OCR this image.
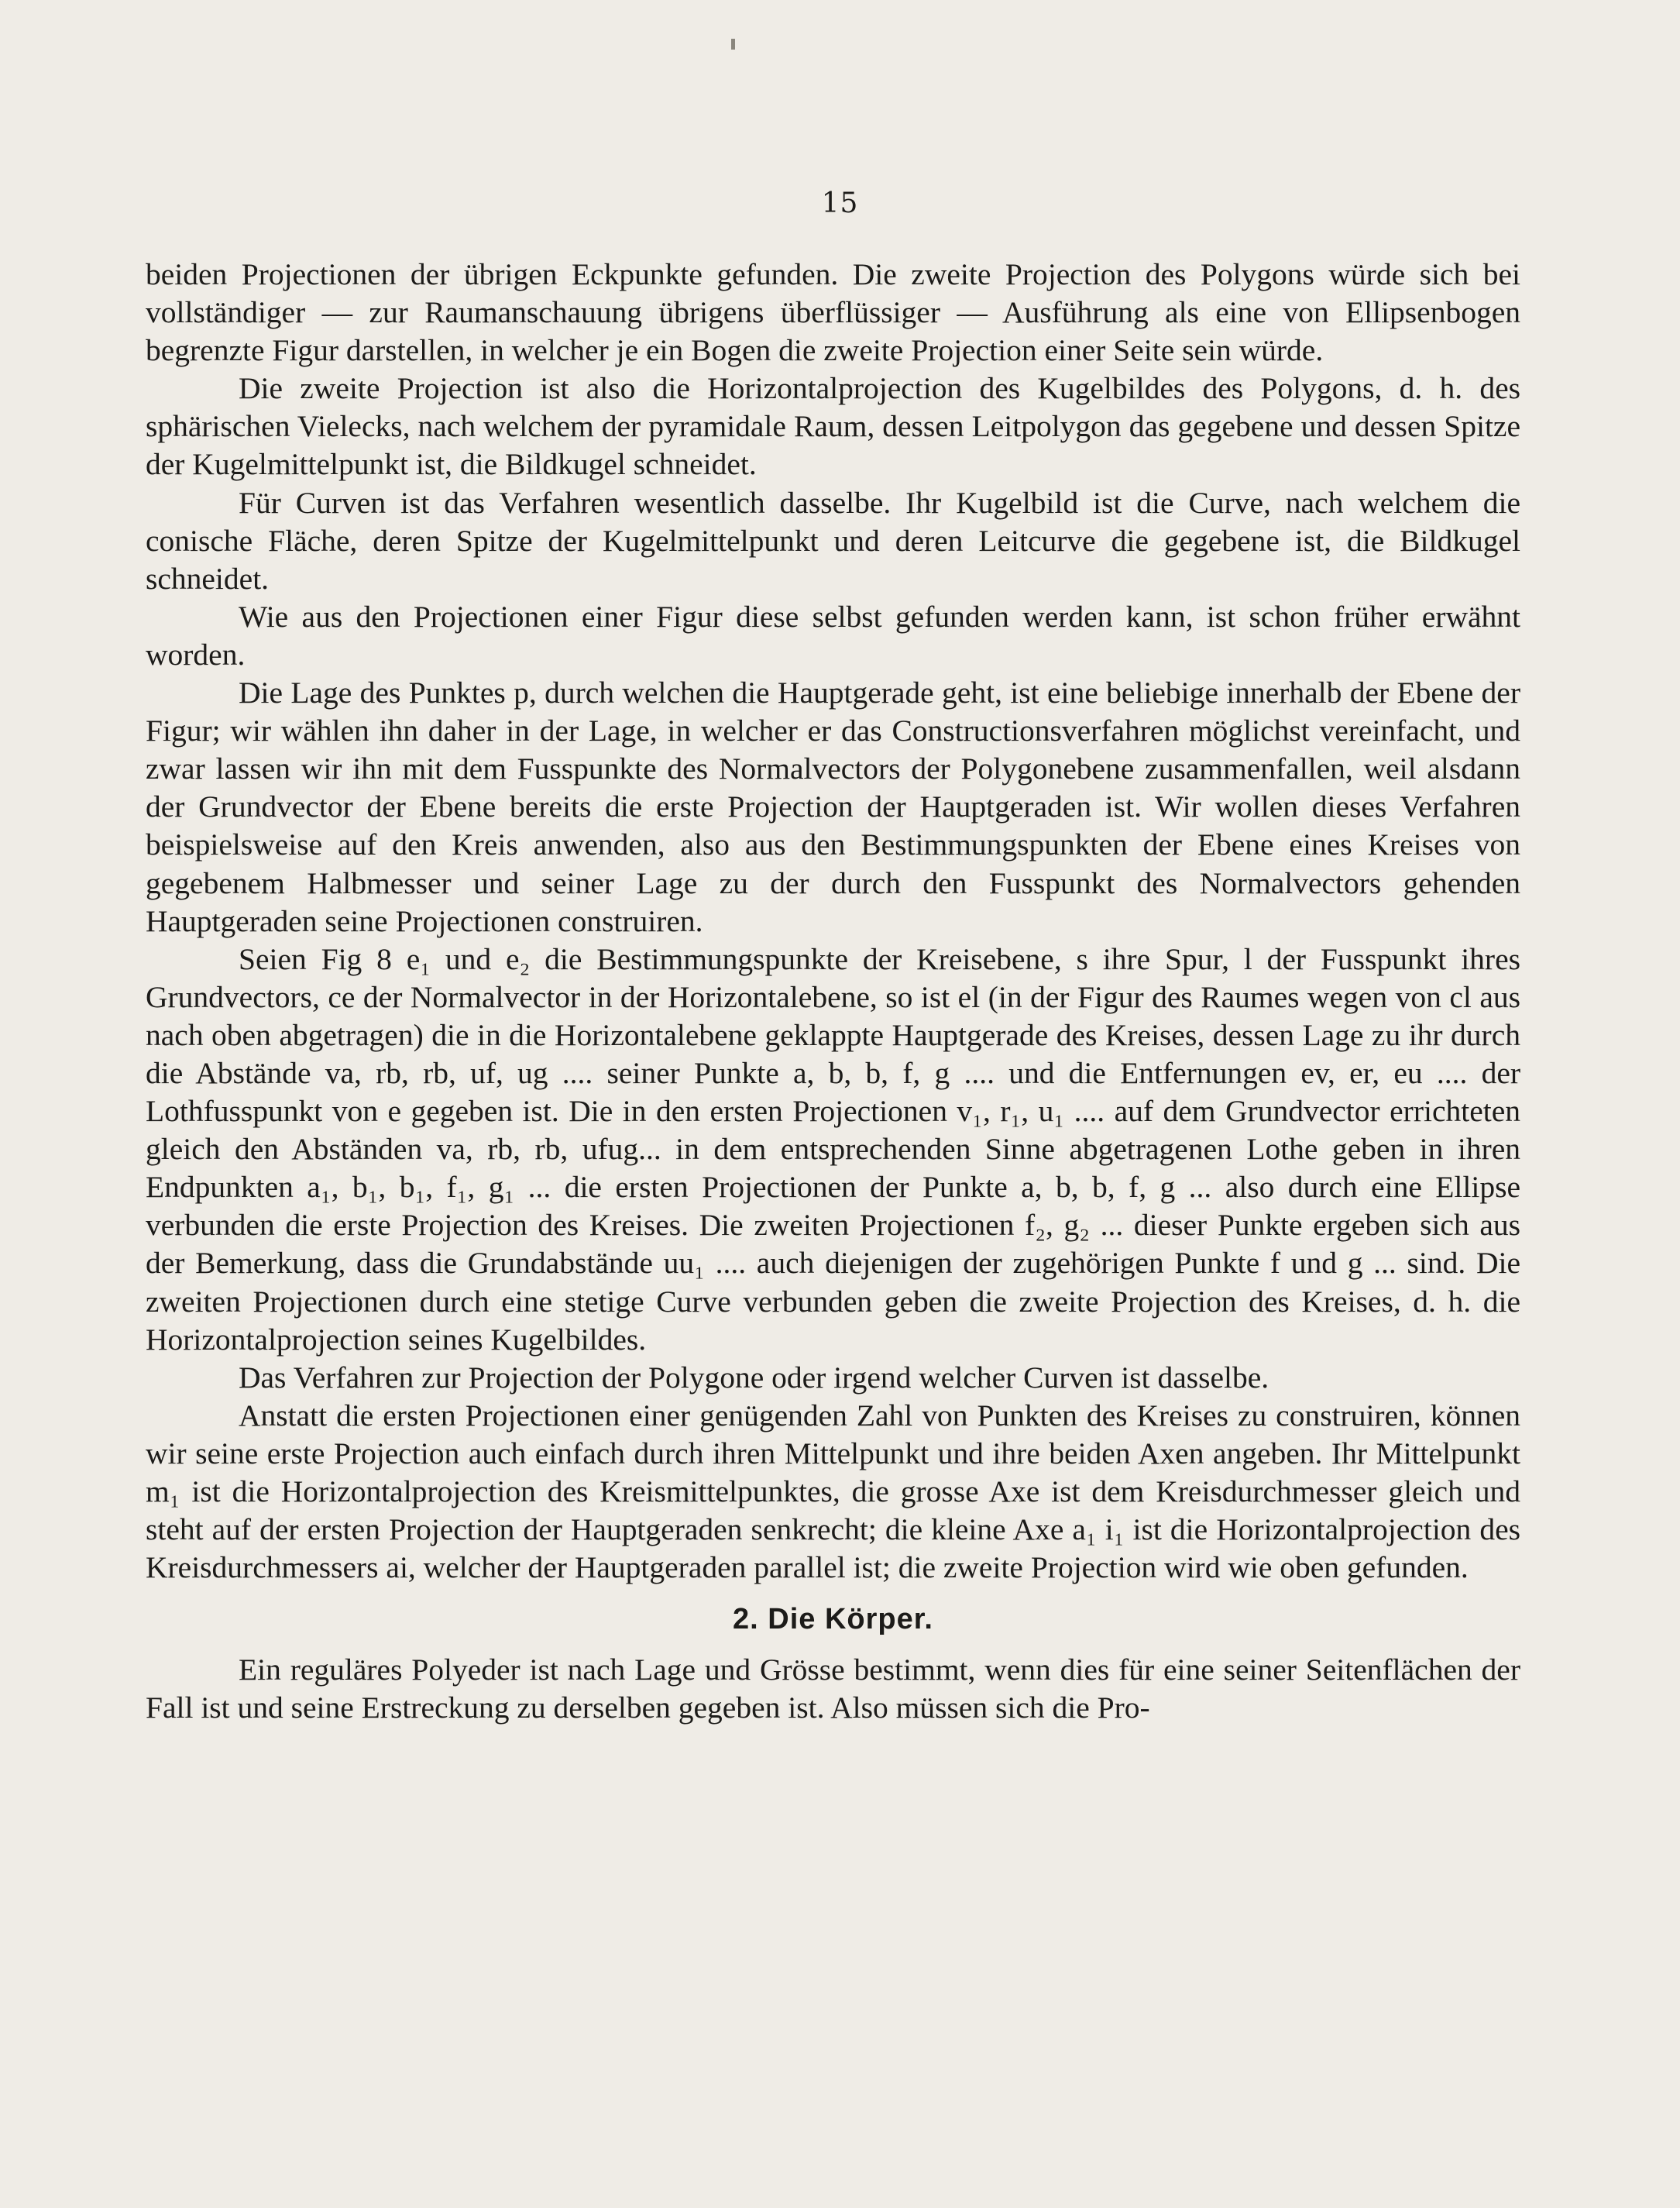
15

beiden Projectionen der übrigen Eckpunkte gefunden. Die zweite Projection des Polygons würde sich bei vollständiger — zur Raumanschauung übrigens überflüssiger — Ausführung als eine von Ellipsenbogen begrenzte Figur darstellen, in welcher je ein Bogen die zweite Projection einer Seite sein würde.

Die zweite Projection ist also die Horizontalprojection des Kugelbildes des Polygons, d. h. des sphärischen Vielecks, nach welchem der pyramidale Raum, dessen Leitpolygon das gegebene und dessen Spitze der Kugelmittelpunkt ist, die Bildkugel schneidet.

Für Curven ist das Verfahren wesentlich dasselbe. Ihr Kugelbild ist die Curve, nach welchem die conische Fläche, deren Spitze der Kugelmittelpunkt und deren Leitcurve die gegebene ist, die Bildkugel schneidet.

Wie aus den Projectionen einer Figur diese selbst gefunden werden kann, ist schon früher erwähnt worden.

Die Lage des Punktes p, durch welchen die Hauptgerade geht, ist eine beliebige innerhalb der Ebene der Figur; wir wählen ihn daher in der Lage, in welcher er das Constructionsverfahren möglichst vereinfacht, und zwar lassen wir ihn mit dem Fusspunkte des Normalvectors der Polygonebene zusammenfallen, weil alsdann der Grundvector der Ebene bereits die erste Projection der Hauptgeraden ist. Wir wollen dieses Verfahren beispielsweise auf den Kreis anwenden, also aus den Bestimmungspunkten der Ebene eines Kreises von gegebenem Halbmesser und seiner Lage zu der durch den Fusspunkt des Normalvectors gehenden Hauptgeraden seine Projectionen construiren.

Seien Fig 8 e₁ und e₂ die Bestimmungspunkte der Kreisebene, s ihre Spur, l der Fusspunkt ihres Grundvectors, ce der Normalvector in der Horizontalebene, so ist el (in der Figur des Raumes wegen von cl aus nach oben abgetragen) die in die Horizontalebene geklappte Hauptgerade des Kreises, dessen Lage zu ihr durch die Abstände va, rb, rb, uf, ug .... seiner Punkte a, b, b, f, g .... und die Entfernungen ev, er, eu .... der Lothfusspunkt von e gegeben ist. Die in den ersten Projectionen v₁, r₁, u₁ .... auf dem Grundvector errichteten gleich den Abständen va, rb, rb, ufug... in dem entsprechenden Sinne abgetragenen Lothe geben in ihren Endpunkten a₁, b₁, b₁, f₁, g₁ ... die ersten Projectionen der Punkte a, b, b, f, g ... also durch eine Ellipse verbunden die erste Projection des Kreises. Die zweiten Projectionen f₂, g₂ ... dieser Punkte ergeben sich aus der Bemerkung, dass die Grundabstände uu₁ .... auch diejenigen der zugehörigen Punkte f und g ... sind. Die zweiten Projectionen durch eine stetige Curve verbunden geben die zweite Projection des Kreises, d. h. die Horizontalprojection seines Kugelbildes.

Das Verfahren zur Projection der Polygone oder irgend welcher Curven ist dasselbe.

Anstatt die ersten Projectionen einer genügenden Zahl von Punkten des Kreises zu construiren, können wir seine erste Projection auch einfach durch ihren Mittelpunkt und ihre beiden Axen angeben. Ihr Mittelpunkt m₁ ist die Horizontalprojection des Kreismittelpunktes, die grosse Axe ist dem Kreisdurchmesser gleich und steht auf der ersten Projection der Hauptgeraden senkrecht; die kleine Axe a₁ i₁ ist die Horizontalprojection des Kreisdurchmessers ai, welcher der Hauptgeraden parallel ist; die zweite Projection wird wie oben gefunden.

2. Die Körper.

Ein reguläres Polyeder ist nach Lage und Grösse bestimmt, wenn dies für eine seiner Seitenflächen der Fall ist und seine Erstreckung zu derselben gegeben ist. Also müssen sich die Pro-
